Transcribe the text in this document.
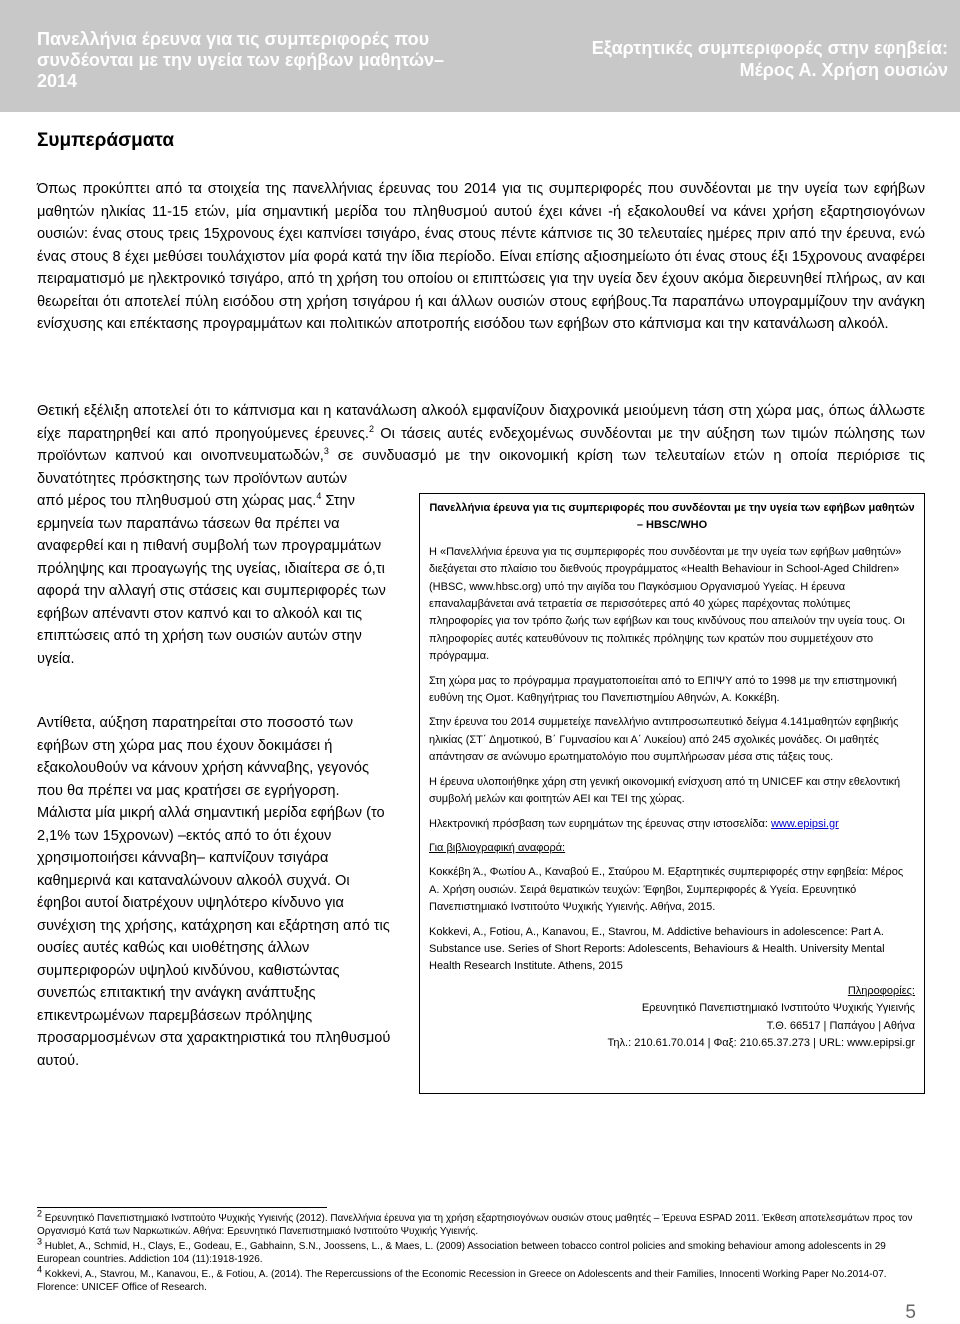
Πανελλήνια έρευνα για τις συμπεριφορές που συνδέονται με την υγεία των εφήβων μαθητών– 2014
Εξαρτητικές συμπεριφορές στην εφηβεία:
Μέρος Α. Χρήση ουσιών
Συμπεράσματα

Όπως προκύπτει από τα στοιχεία της πανελλήνιας έρευνας του 2014 για τις συμπεριφορές που συνδέονται με την υγεία των εφήβων μαθητών ηλικίας 11-15 ετών, μία σημαντική μερίδα του πληθυσμού αυτού έχει κάνει -ή εξακολουθεί να κάνει χρήση εξαρτησιογόνων ουσιών: ένας στους τρεις 15χρονους έχει καπνίσει τσιγάρο, ένας στους πέντε κάπνισε τις 30 τελευταίες ημέρες πριν από την έρευνα, ενώ ένας στους 8 έχει μεθύσει τουλάχιστον μία φορά κατά την ίδια περίοδο. Είναι επίσης αξιοσημείωτο ότι ένας στους έξι 15χρονους αναφέρει πειραματισμό με ηλεκτρονικό τσιγάρο, από τη χρήση του οποίου οι επιπτώσεις για την υγεία δεν έχουν ακόμα διερευνηθεί πλήρως, αν και θεωρείται ότι αποτελεί πύλη εισόδου στη χρήση τσιγάρου ή και άλλων ουσιών στους εφήβους.Τα παραπάνω υπογραμμίζουν την ανάγκη ενίσχυσης και επέκτασης προγραμμάτων και πολιτικών αποτροπής εισόδου των εφήβων στο κάπνισμα και την κατανάλωση αλκοόλ.

Θετική εξέλιξη αποτελεί ότι το κάπνισμα και η κατανάλωση αλκοόλ εμφανίζουν διαχρονικά μειούμενη τάση στη χώρα μας, όπως άλλωστε είχε παρατηρηθεί και από προηγούμενες έρευνες.$^2$ Οι τάσεις αυτές ενδεχομένως συνδέονται με την αύξηση των τιμών πώλησης των προϊόντων καπνού και οινοπνευματωδών,$^3$ σε συνδυασμό με την οικονομική κρίση των τελευταίων ετών η οποία περιόρισε τις δυνατότητες πρόσκτησης των προϊόντων αυτών

από μέρος του πληθυσμού στη χώρας μας.$^4$ Στην ερμηνεία των παραπάνω τάσεων θα πρέπει να αναφερθεί και η πιθανή συμβολή των προγραμμάτων πρόληψης και προαγωγής της υγείας, ιδιαίτερα σε ό,τι αφορά την αλλαγή στις στάσεις και συμπεριφορές των εφήβων απέναντι στον καπνό και το αλκοόλ και τις επιπτώσεις από τη χρήση των ουσιών αυτών στην υγεία.

Αντίθετα, αύξηση παρατηρείται στο ποσοστό των εφήβων στη χώρα μας που έχουν δοκιμάσει ή εξακολουθούν να κάνουν χρήση κάνναβης, γεγονός που θα πρέπει να μας κρατήσει σε εγρήγορση. Μάλιστα μία μικρή αλλά σημαντική μερίδα εφήβων (το 2,1% των 15χρονων) –εκτός από το ότι έχουν χρησιμοποιήσει κάνναβη– καπνίζουν τσιγάρα καθημερινά και καταναλώνουν αλκοόλ συχνά. Οι έφηβοι αυτοί διατρέχουν υψηλότερο κίνδυνο για συνέχιση της χρήσης, κατάχρηση και εξάρτηση από τις ουσίες αυτές καθώς και υιοθέτησης άλλων συμπεριφορών υψηλού κινδύνου, καθιστώντας συνεπώς επιτακτική την ανάγκη ανάπτυξης επικεντρωμένων παρεμβάσεων πρόληψης προσαρμοσμένων στα χαρακτηριστικά του πληθυσμού αυτού.

Πανελλήνια έρευνα για τις συμπεριφορές που συνδέονται με την υγεία των εφήβων μαθητών – HBSC/WHO

Η «Πανελλήνια έρευνα για τις συμπεριφορές που συνδέονται με την υγεία των εφήβων μαθητών» διεξάγεται στο πλαίσιο του διεθνούς προγράμματος «Health Behaviour in School-Aged Children» (HBSC, www.hbsc.org) υπό την αιγίδα του Παγκόσμιου Οργανισμού Υγείας. Η έρευνα επαναλαμβάνεται ανά τετραετία σε περισσότερες από 40 χώρες παρέχοντας πολύτιμες πληροφορίες για τον τρόπο ζωής των εφήβων και τους κινδύνους που απειλούν την υγεία τους. Οι πληροφορίες αυτές κατευθύνουν τις πολιτικές πρόληψης των κρατών που συμμετέχουν στο πρόγραμμα.

Στη χώρα μας το πρόγραμμα πραγματοποιείται από το ΕΠΙΨΥ από το 1998 με την επιστημονική ευθύνη της Ομοτ. Καθηγήτριας του Πανεπιστημίου Αθηνών, Α. Κοκκέβη.

Στην έρευνα του 2014 συμμετείχε πανελλήνιο αντιπροσωπευτικό δείγμα 4.141μαθητών εφηβικής ηλικίας (ΣΤ΄ Δημοτικού, Β΄ Γυμνασίου και Α΄ Λυκείου) από 245 σχολικές μονάδες. Οι μαθητές απάντησαν σε ανώνυμο ερωτηματολόγιο που συμπλήρωσαν μέσα στις τάξεις τους.

Η έρευνα υλοποιήθηκε χάρη στη γενική οικονομική ενίσχυση από τη UNICEF και στην εθελοντική συμβολή μελών και φοιτητών ΑΕΙ και ΤΕΙ της χώρας.

Ηλεκτρονική πρόσβαση των ευρημάτων της έρευνας στην ιστοσελίδα: www.epipsi.gr

Για βιβλιογραφική αναφορά:

Κοκκέβη Ά., Φωτίου Α., Καναβού Ε., Σταύρου Μ. Εξαρτητικές συμπεριφορές στην εφηβεία: Μέρος Α. Χρήση ουσιών. Σειρά θεματικών τευχών: Έφηβοι, Συμπεριφορές & Υγεία. Ερευνητικό Πανεπιστημιακό Ινστιτούτο Ψυχικής Υγιεινής. Αθήνα, 2015.

Kokkevi, A., Fotiou, A., Kanavou, E., Stavrou, M. Addictive behaviours in adolescence: Part A. Substance use. Series of Short Reports: Adolescents, Behaviours & Health. University Mental Health Research Institute. Athens, 2015

Πληροφορίες:

Ερευνητικό Πανεπιστημιακό Ινστιτούτο Ψυχικής Υγιεινής

Τ.Θ. 66517 | Παπάγου | Αθήνα

Τηλ.: 210.61.70.014 | Φαξ: 210.65.37.273 | URL: www.epipsi.gr

$^2$ Ερευνητικό Πανεπιστημιακό Ινστιτούτο Ψυχικής Υγιεινής (2012). Πανελλήνια έρευνα για τη χρήση εξαρτησιογόνων ουσιών στους μαθητές – Έρευνα ESPAD 2011. Έκθεση αποτελεσμάτων προς τον Οργανισμό Κατά των Ναρκωτικών. Αθήνα: Ερευνητικό Πανεπιστημιακό Ινστιτούτο Ψυχικής Υγιεινής.

$^3$ Hublet, A., Schmid, H., Clays, E., Godeau, E., Gabhainn, S.N., Joossens, L., & Maes, L. (2009) Association between tobacco control policies and smoking behaviour among adolescents in 29 European countries. Addiction 104 (11):1918-1926.

$^4$ Kokkevi, A., Stavrou, M., Kanavou, E., & Fotiou, A. (2014). The Repercussions of the Economic Recession in Greece on Adolescents and their Families, Innocenti Working Paper No.2014-07. Florence: UNICEF Office of Research.

5
